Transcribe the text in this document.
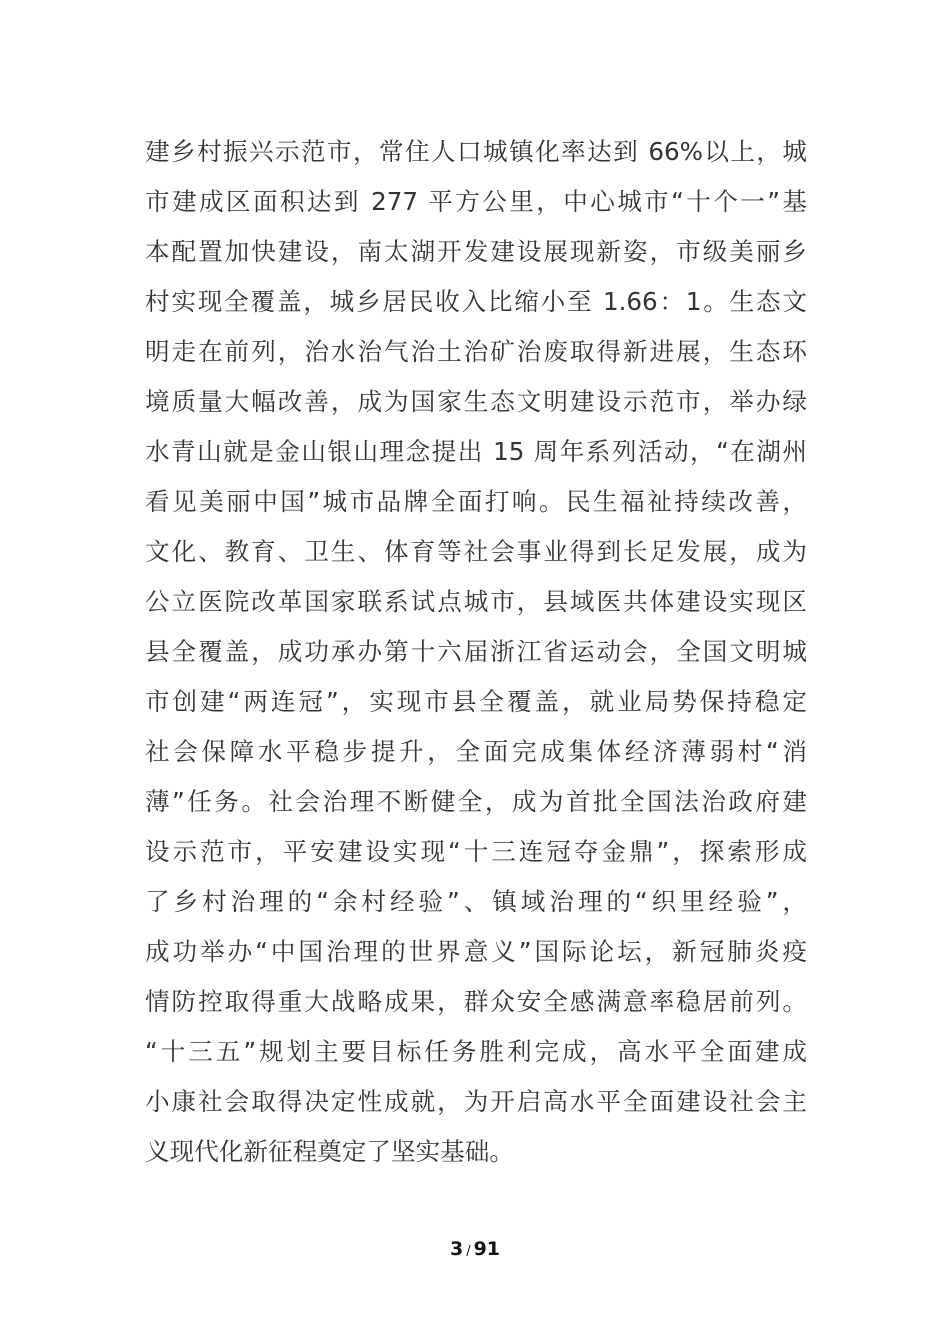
建乡村振兴示范市，常住人口城镇化率达到 66%以上，城
市建成区面积达到 277 平方公里，中心城市“十个一”基
本配置加快建设，南太湖开发建设展现新姿，市级美丽乡
村实现全覆盖，城乡居民收入比缩小至 1.66：1。生态文
明走在前列，治水治气治土治矿治废取得新进展，生态环
境质量大幅改善，成为国家生态文明建设示范市，举办绿
水青山就是金山银山理念提出 15 周年系列活动，“在湖州
看见美丽中国”城市品牌全面打响。民生福祉持续改善，
文化、教育、卫生、体育等社会事业得到长足发展，成为
公立医院改革国家联系试点城市，县域医共体建设实现区
县全覆盖，成功承办第十六届浙江省运动会，全国文明城
市创建“两连冠”，实现市县全覆盖，就业局势保持稳定
社会保障水平稳步提升，全面完成集体经济薄弱村“消
薄”任务。社会治理不断健全，成为首批全国法治政府建
设示范市，平安建设实现“十三连冠夺金鼎”，探索形成
了乡村治理的“余村经验”、镇域治理的“织里经验”，
成功举办“中国治理的世界意义”国际论坛，新冠肺炎疫
情防控取得重大战略成果，群众安全感满意率稳居前列。
“十三五”规划主要目标任务胜利完成，高水平全面建成
小康社会取得决定性成就，为开启高水平全面建设社会主
义现代化新征程奠定了坚实基础。
3 / 91
